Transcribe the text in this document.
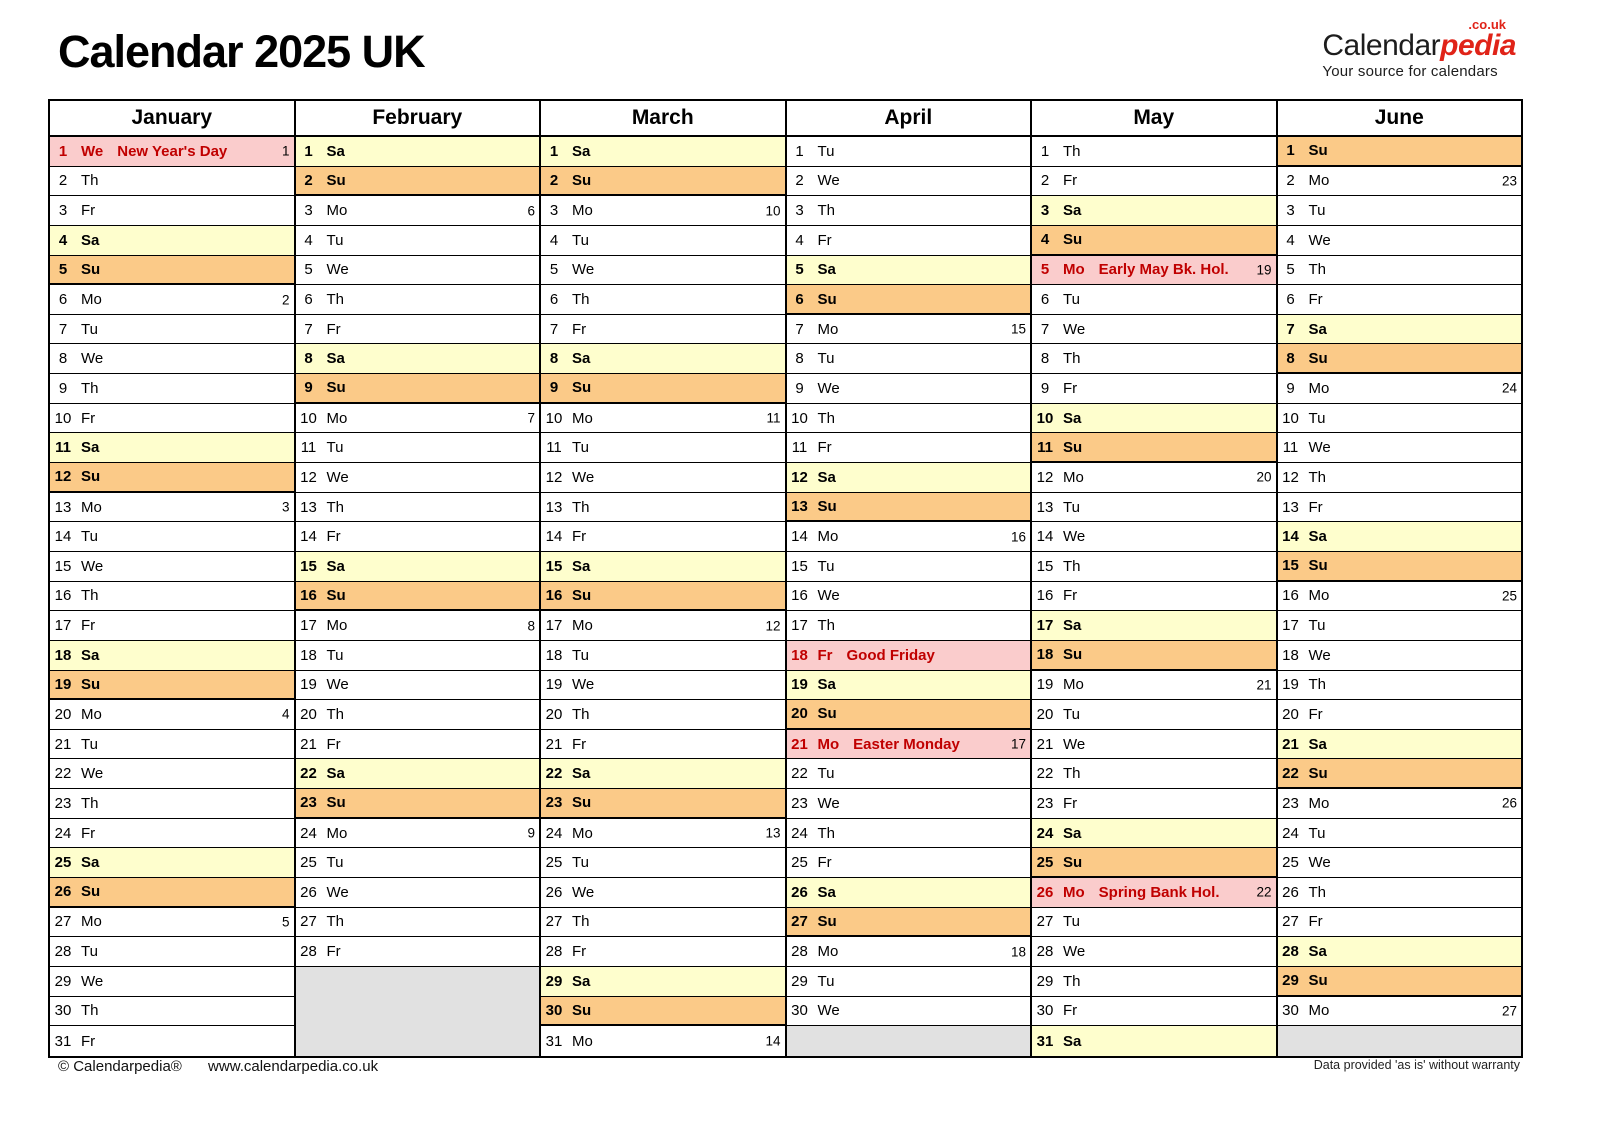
Calendar 2025 UK	Calendarpedia
.co.uk
Your source for calendars
January
1 We New Year's Day	1
2 Th
3 Fr
4 Sa
5 Su
6 Mo	2
7 Tu
8 We
9 Th
10 Fr
11 Sa
12 Su
13 Mo	3
14 Tu
15 We
16 Th
17 Fr
18 Sa
19 Su
20 Mo	4
21 Tu
22 We
23 Th
24 Fr
25 Sa
26 Su
27 Mo	5
28 Tu
29 We
30 Th
31 Fr
February
1 Sa
2 Su
3 Mo	6
4 Tu
5 We
6 Th
7 Fr
8 Sa
9 Su
10 Mo	7
11 Tu
12 We
13 Th
14 Fr
15 Sa
16 Su
17 Mo	8
18 Tu
19 We
20 Th
21 Fr
22 Sa
23 Su
24 Mo	9
25 Tu
26 We
27 Th
28 Fr
March
1 Sa
2 Su
3 Mo	10
4 Tu
5 We
6 Th
7 Fr
8 Sa
9 Su
10 Mo	11
11 Tu
12 We
13 Th
14 Fr
15 Sa
16 Su
17 Mo	12
18 Tu
19 We
20 Th
21 Fr
22 Sa
23 Su
24 Mo	13
25 Tu
26 We
27 Th
28 Fr
29 Sa
30 Su
31 Mo	14
April
1 Tu
2 We
3 Th
4 Fr
5 Sa
6 Su
7 Mo	15
8 Tu
9 We
10 Th
11 Fr
12 Sa
13 Su
14 Mo	16
15 Tu
16 We
17 Th
18 Fr Good Friday
19 Sa
20 Su
21 Mo Easter Monday	17
22 Tu
23 We
24 Th
25 Fr
26 Sa
27 Su
28 Mo	18
29 Tu
30 We
May
1 Th
2 Fr
3 Sa
4 Su
5 Mo Early May Bk. Hol. 19
6 Tu
7 We
8 Th
9 Fr
10 Sa
11 Su
12 Mo	20
13 Tu
14 We
15 Th
16 Fr
17 Sa
18 Su
19 Mo	21
20 Tu
21 We
22 Th
23 Fr
24 Sa
25 Su
26 Mo Spring Bank Hol.	22
27 Tu
28 We
29 Th
30 Fr
31 Sa
June
1 Su
2 Mo	23
3 Tu
4 We
5 Th
6 Fr
7 Sa
8 Su
9 Mo	24
10 Tu
11 We
12 Th
13 Fr
14 Sa
15 Su
16 Mo	25
17 Tu
18 We
19 Th
20 Fr
21 Sa
22 Su
23 Mo	26
24 Tu
25 We
26 Th
27 Fr
28 Sa
29 Su
30 Mo	27
© Calendarpedia® www.calendarpedia.co.uk	Data provided 'as is' without warranty
